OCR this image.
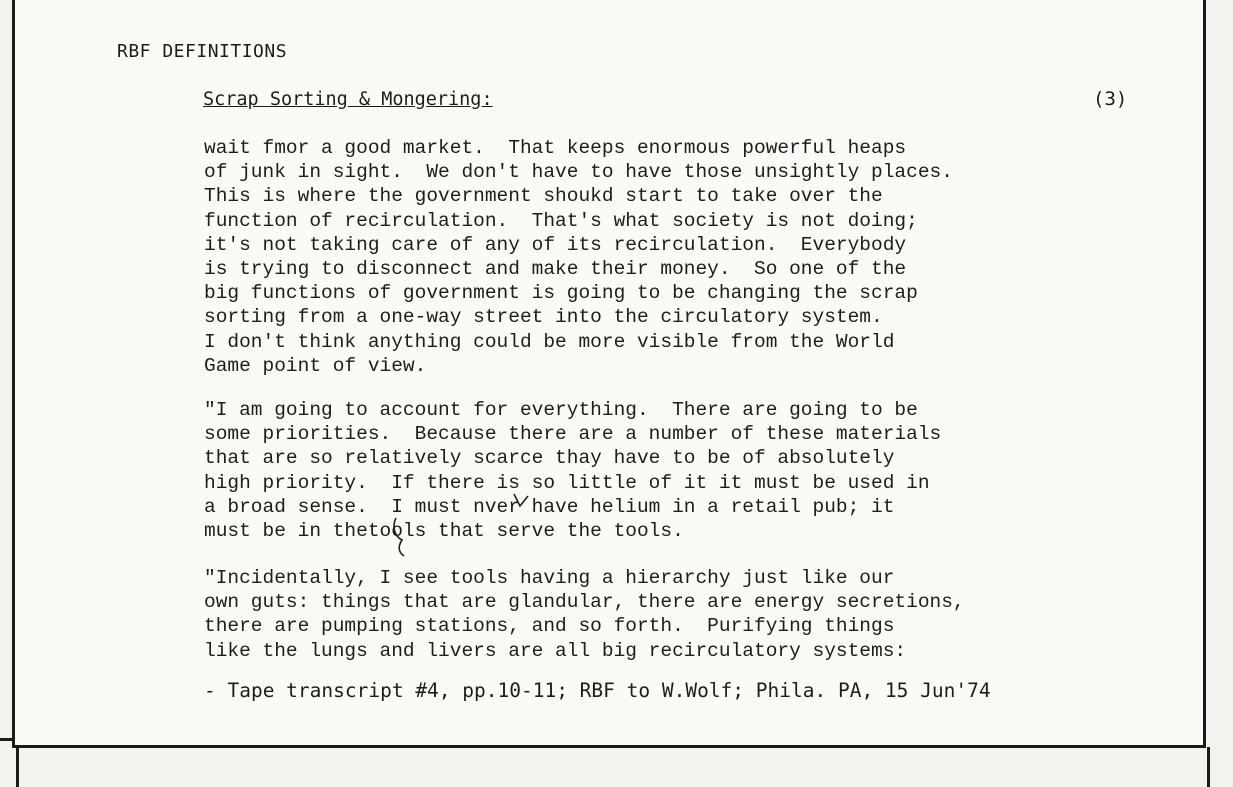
RBF DEFINITIONS
Scrap Sorting & Mongering:	(3)
wait fmor a good market.  That keeps enormous powerful heaps
of junk in sight.  We don't have to have those unsightly places.
This is where the government shoukd start to take over the
function of recirculation.  That's what society is not doing;
it's not taking care of any of its recirculation.  Everybody
is trying to disconnect and make their money.  So one of the
big functions of government is going to be changing the scrap
sorting from a one-way street into the circulatory system.
I don't think anything could be more visible from the World
Game point of view.
"I am going to account for everything.  There are going to be
some priorities.  Because there are a number of these materials
that are so relatively scarce thay have to be of absolutely
high priority.  If there is so little of it it must be used in
a broad sense.  I must nver have helium in a retail pub; it
must be in thetools that serve the tools.
"Incidentally, I see tools having a hierarchy just like our
own guts: things that are glandular, there are energy secretions,
there are pumping stations, and so forth.  Purifying things
like the lungs and livers are all big recirculatory systems:
- Tape transcript #4, pp.10-11; RBF to W.Wolf; Phila. PA, 15 Jun'74
